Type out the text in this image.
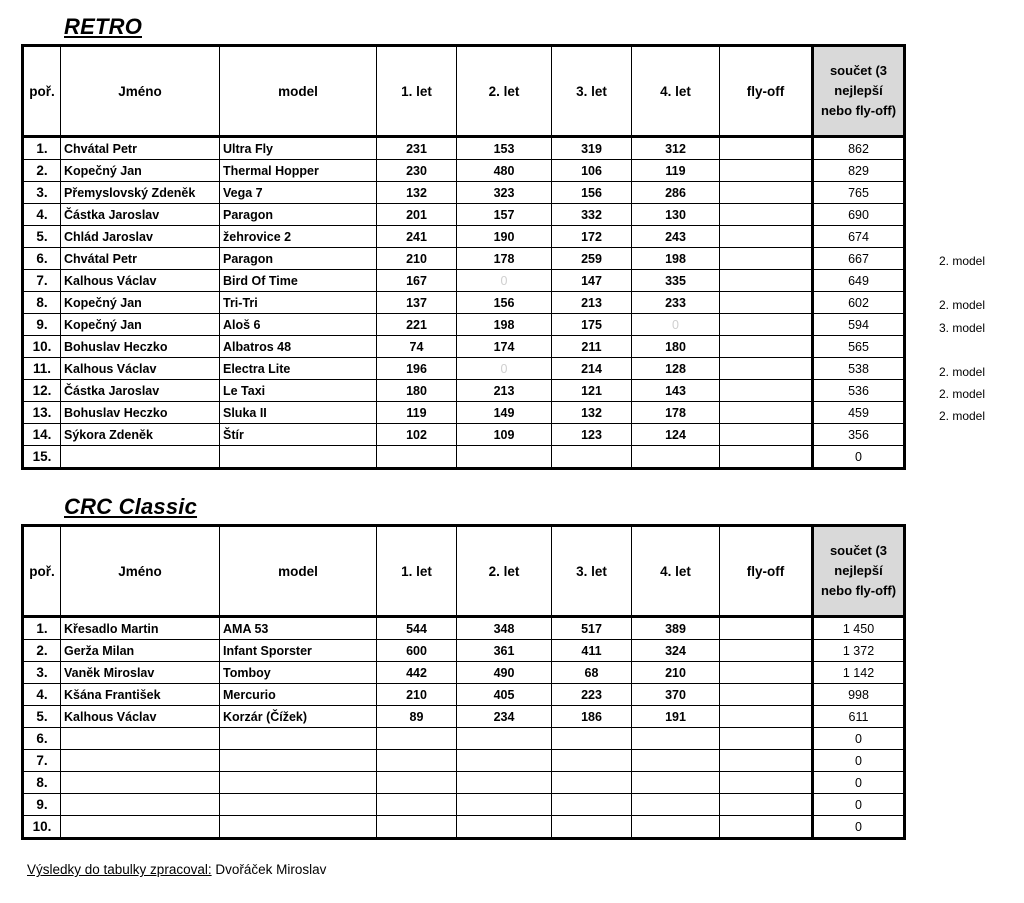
RETRO
poř.	Jméno	model	1. let	2. let	3. let	4. let	fly-off	součet (3 nejlepší nebo fly-off)
1.	Chvátal Petr	Ultra Fly	231	153	319	312		862
2.	Kopečný Jan	Thermal Hopper	230	480	106	119		829
3.	Přemyslovský Zdeněk	Vega 7	132	323	156	286		765
4.	Částka Jaroslav	Paragon	201	157	332	130		690
5.	Chlád Jaroslav	žehrovice 2	241	190	172	243		674
6.	Chvátal Petr	Paragon	210	178	259	198		667
7.	Kalhous Václav	Bird Of Time	167	0	147	335		649
8.	Kopečný Jan	Tri-Tri	137	156	213	233		602
9.	Kopečný Jan	Aloš 6	221	198	175	0		594
10.	Bohuslav Heczko	Albatros 48	74	174	211	180		565
11.	Kalhous Václav	Electra Lite	196	0	214	128		538
12.	Částka Jaroslav	Le Taxi	180	213	121	143		536
13.	Bohuslav Heczko	Sluka II	119	149	132	178		459
14.	Sýkora Zdeněk	Štír	102	109	123	124		356
15.								0
2. model
2. model
3. model
2. model
2. model
2. model
CRC Classic
poř.	Jméno	model	1. let	2. let	3. let	4. let	fly-off	součet (3 nejlepší nebo fly-off)
1.	Křesadlo Martin	AMA 53	544	348	517	389		1 450
2.	Gerža Milan	Infant Sporster	600	361	411	324		1 372
3.	Vaněk Miroslav	Tomboy	442	490	68	210		1 142
4.	Kšána František	Mercurio	210	405	223	370		998
5.	Kalhous Václav	Korzár (Čížek)	89	234	186	191		611
6.								0
7.								0
8.								0
9.								0
10.								0
Výsledky do tabulky zpracoval: Dvořáček Miroslav
